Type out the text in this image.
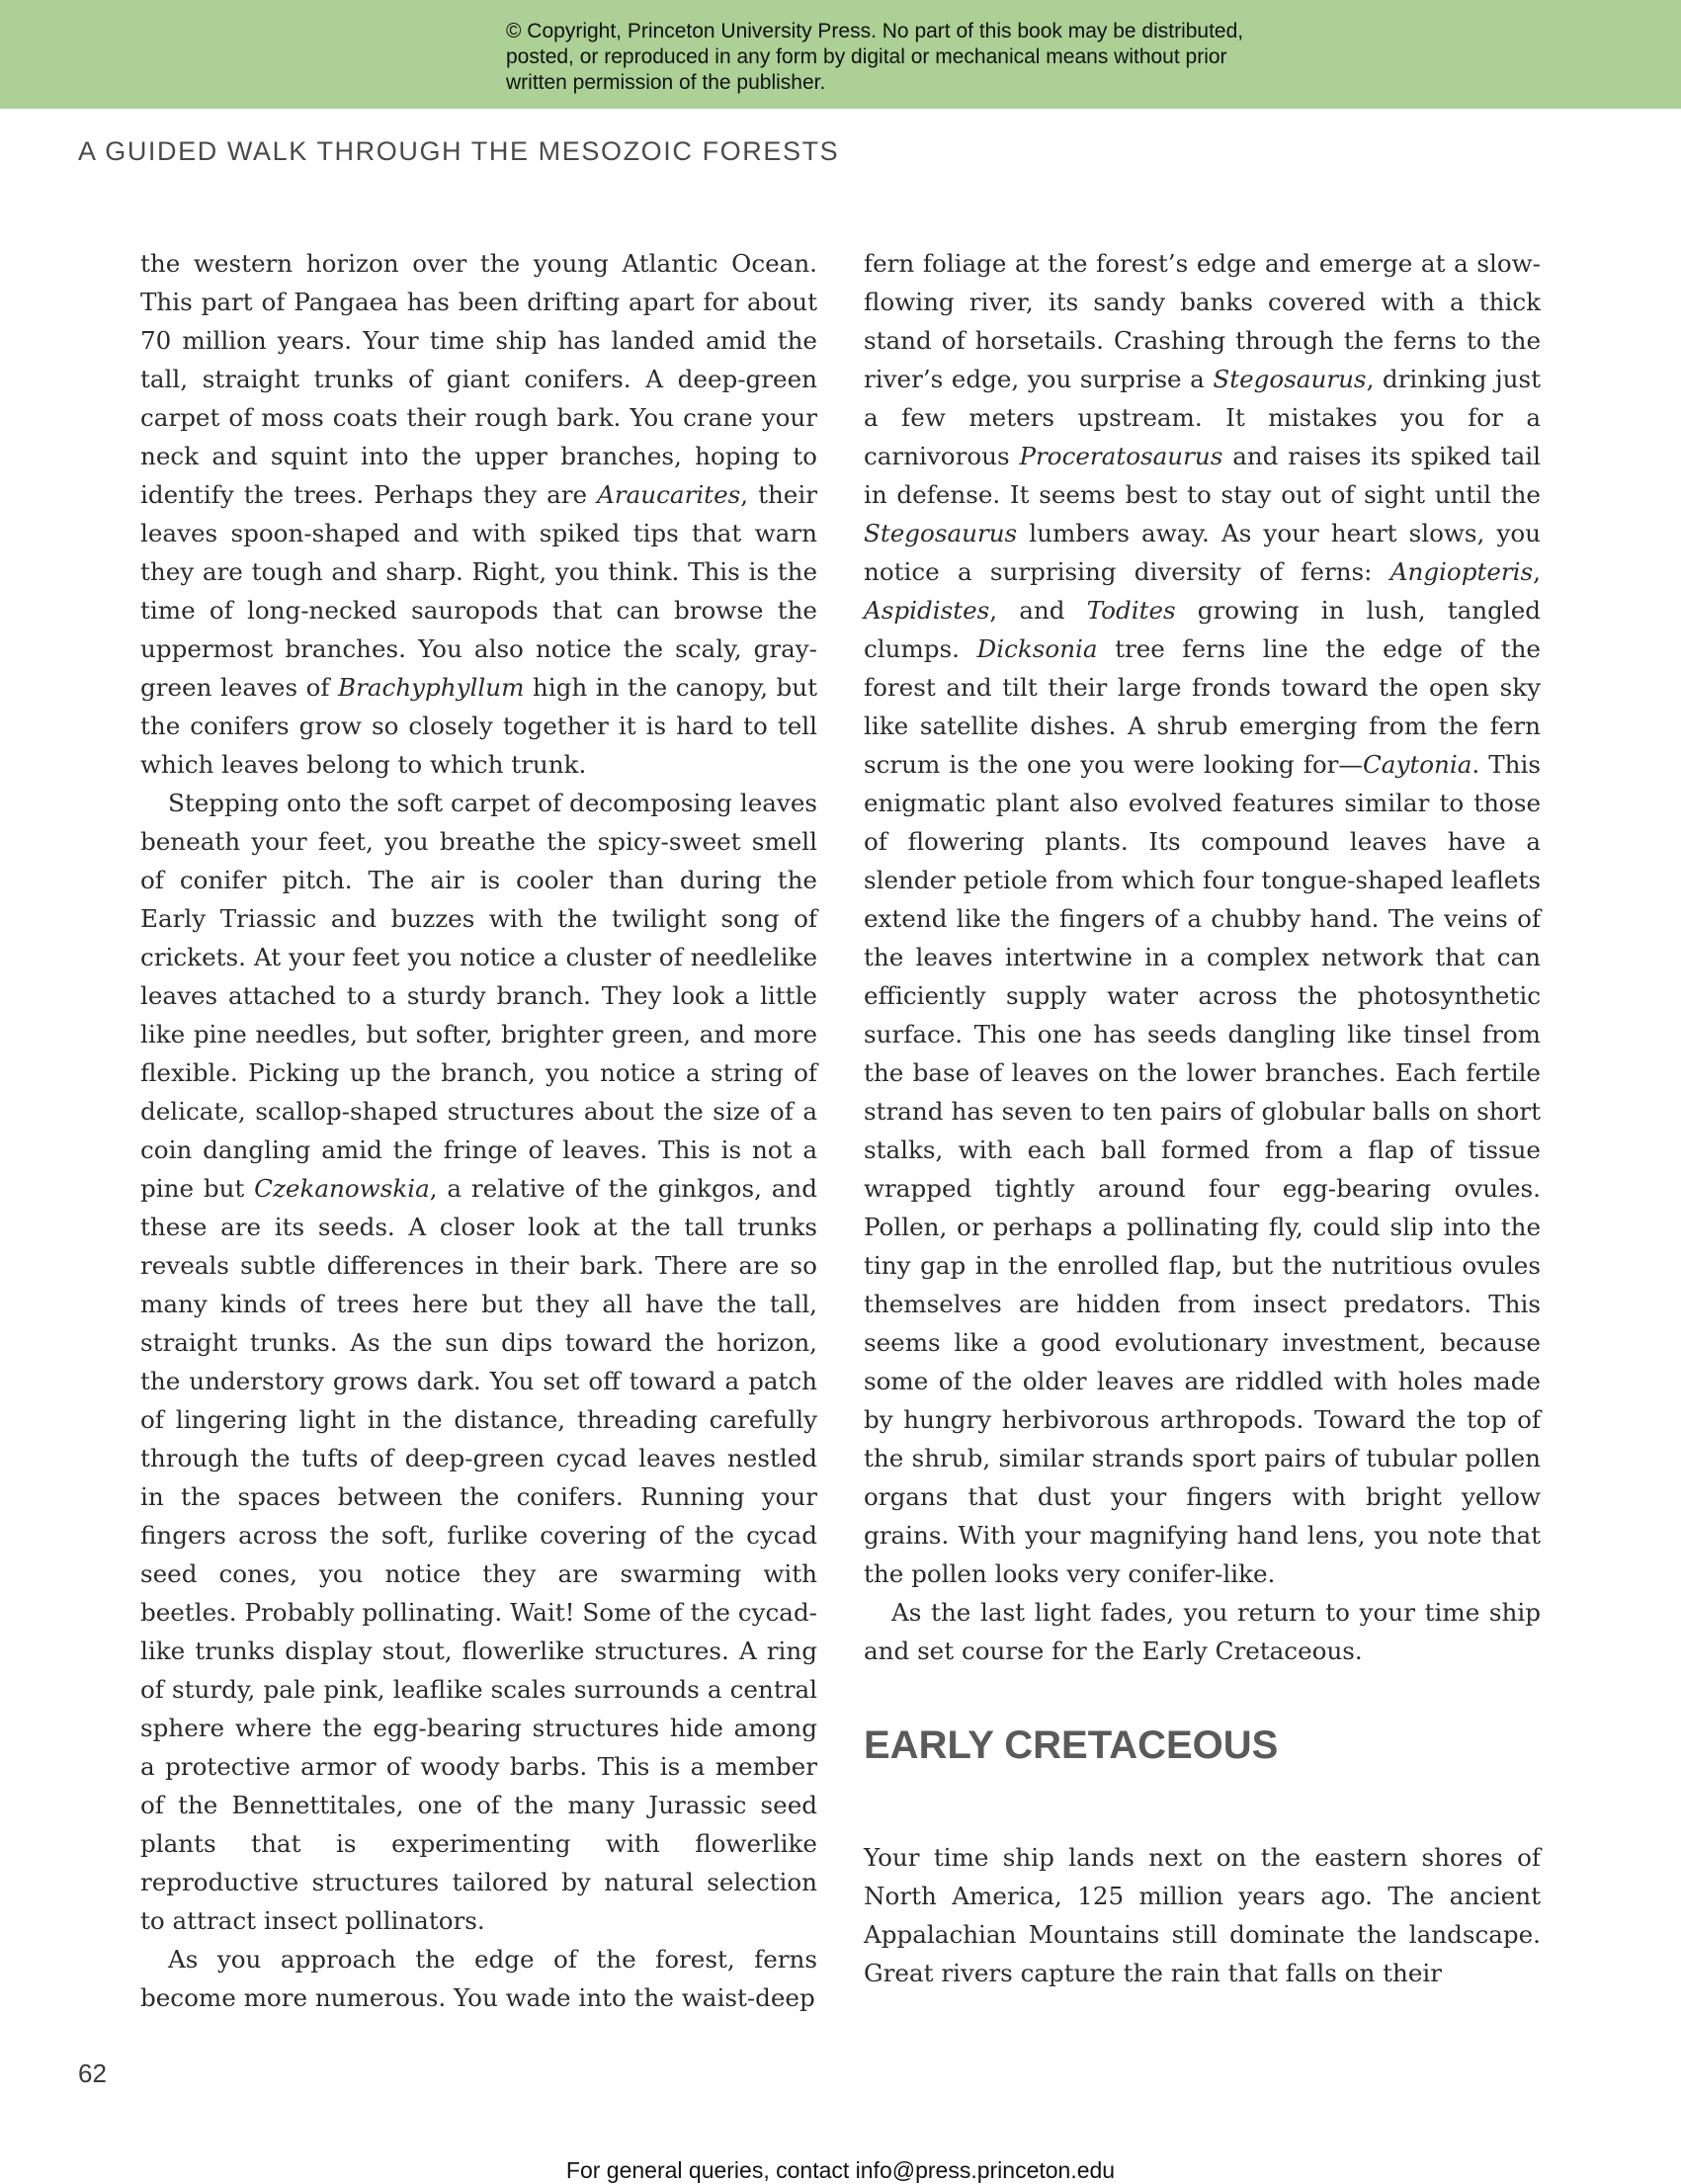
© Copyright, Princeton University Press. No part of this book may be distributed, posted, or reproduced in any form by digital or mechanical means without prior written permission of the publisher.
A GUIDED WALK THROUGH THE MESOZOIC FORESTS

the western horizon over the young Atlantic Ocean. This part of Pangaea has been drifting apart for about 70 million years. Your time ship has landed amid the tall, straight trunks of giant conifers. A deep-green carpet of moss coats their rough bark. You crane your neck and squint into the upper branches, hoping to identify the trees. Perhaps they are Araucarites, their leaves spoon-shaped and with spiked tips that warn they are tough and sharp. Right, you think. This is the time of long-necked sauropods that can browse the uppermost branches. You also notice the scaly, gray-green leaves of Brachyphyllum high in the canopy, but the conifers grow so closely together it is hard to tell which leaves belong to which trunk.

Stepping onto the soft carpet of decomposing leaves beneath your feet, you breathe the spicy-sweet smell of conifer pitch. The air is cooler than during the Early Triassic and buzzes with the twilight song of crickets. At your feet you notice a cluster of needlelike leaves attached to a sturdy branch. They look a little like pine needles, but softer, brighter green, and more flexible. Picking up the branch, you notice a string of delicate, scallop-shaped structures about the size of a coin dangling amid the fringe of leaves. This is not a pine but Czekanowskia, a relative of the ginkgos, and these are its seeds. A closer look at the tall trunks reveals subtle differences in their bark. There are so many kinds of trees here but they all have the tall, straight trunks. As the sun dips toward the horizon, the understory grows dark. You set off toward a patch of lingering light in the distance, threading carefully through the tufts of deep-green cycad leaves nestled in the spaces between the conifers. Running your fingers across the soft, furlike covering of the cycad seed cones, you notice they are swarming with beetles. Probably pollinating. Wait! Some of the cycad-like trunks display stout, flowerlike structures. A ring of sturdy, pale pink, leaflike scales surrounds a central sphere where the egg-bearing structures hide among a protective armor of woody barbs. This is a member of the Bennettitales, one of the many Jurassic seed plants that is experimenting with flowerlike reproductive structures tailored by natural selection to attract insect pollinators.

As you approach the edge of the forest, ferns become more numerous. You wade into the waist-deep

fern foliage at the forest’s edge and emerge at a slow-flowing river, its sandy banks covered with a thick stand of horsetails. Crashing through the ferns to the river’s edge, you surprise a Stegosaurus, drinking just a few meters upstream. It mistakes you for a carnivorous Proceratosaurus and raises its spiked tail in defense. It seems best to stay out of sight until the Stegosaurus lumbers away. As your heart slows, you notice a surprising diversity of ferns: Angiopteris, Aspidistes, and Todites growing in lush, tangled clumps. Dicksonia tree ferns line the edge of the forest and tilt their large fronds toward the open sky like satellite dishes. A shrub emerging from the fern scrum is the one you were looking for—Caytonia. This enigmatic plant also evolved features similar to those of flowering plants. Its compound leaves have a slender petiole from which four tongue-shaped leaflets extend like the fingers of a chubby hand. The veins of the leaves intertwine in a complex network that can efficiently supply water across the photosynthetic surface. This one has seeds dangling like tinsel from the base of leaves on the lower branches. Each fertile strand has seven to ten pairs of globular balls on short stalks, with each ball formed from a flap of tissue wrapped tightly around four egg-bearing ovules. Pollen, or perhaps a pollinating fly, could slip into the tiny gap in the enrolled flap, but the nutritious ovules themselves are hidden from insect predators. This seems like a good evolutionary investment, because some of the older leaves are riddled with holes made by hungry herbivorous arthropods. Toward the top of the shrub, similar strands sport pairs of tubular pollen organs that dust your fingers with bright yellow grains. With your magnifying hand lens, you note that the pollen looks very conifer-like.

As the last light fades, you return to your time ship and set course for the Early Cretaceous.

EARLY CRETACEOUS

Your time ship lands next on the eastern shores of North America, 125 million years ago. The ancient Appalachian Mountains still dominate the landscape. Great rivers capture the rain that falls on their

62
For general queries, contact info@press.princeton.edu
